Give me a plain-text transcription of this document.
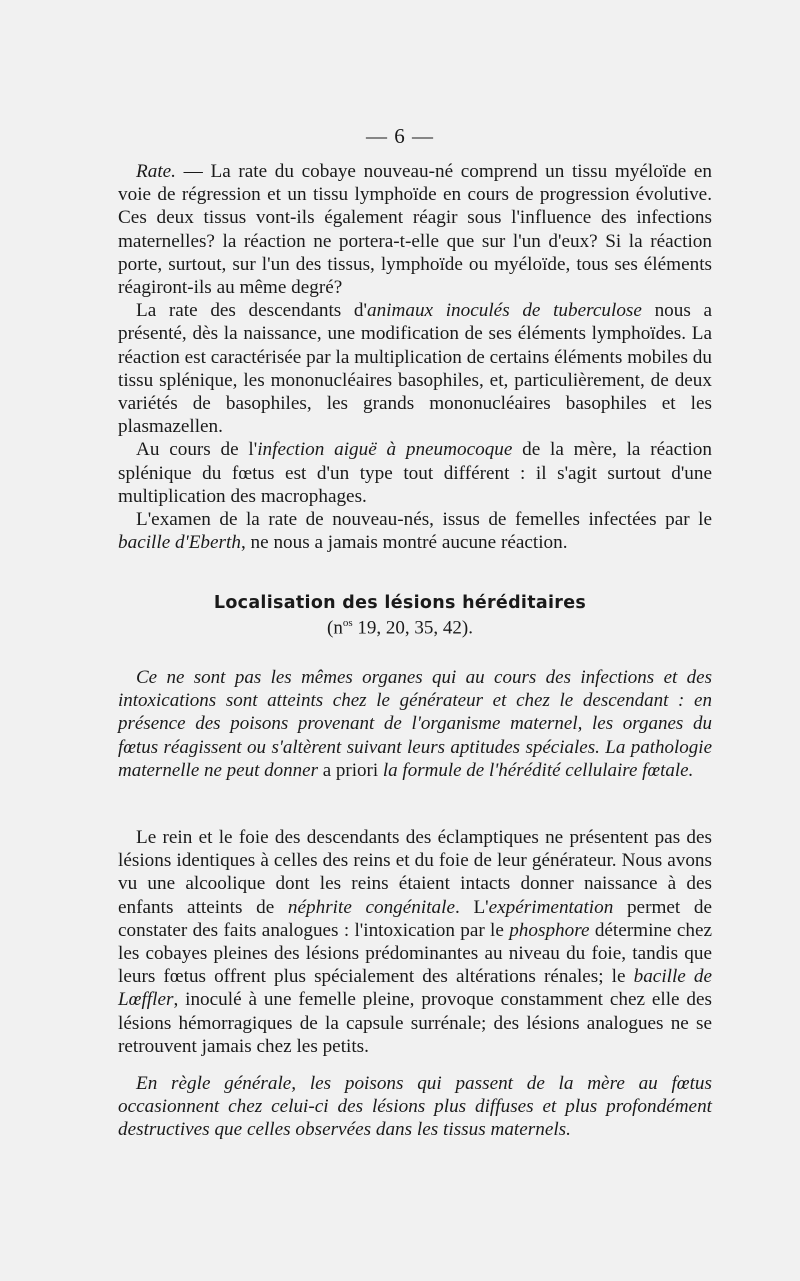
— 6 —

Rate. — La rate du cobaye nouveau-né comprend un tissu myéloïde en voie de régression et un tissu lymphoïde en cours de progression évolutive. Ces deux tissus vont-ils également réagir sous l'influence des infections maternelles? la réaction ne portera-t-elle que sur l'un d'eux? Si la réaction porte, surtout, sur l'un des tissus, lymphoïde ou myéloïde, tous ses éléments réagiront-ils au même degré?

La rate des descendants d'animaux inoculés de tuberculose nous a présenté, dès la naissance, une modification de ses éléments lymphoïdes. La réaction est caractérisée par la multiplication de certains éléments mobiles du tissu splénique, les mononucléaires basophiles, et, particulièrement, de deux variétés de basophiles, les grands mononucléaires basophiles et les plasmazellen.

Au cours de l'infection aiguë à pneumocoque de la mère, la réaction splénique du fœtus est d'un type tout différent : il s'agit surtout d'une multiplication des macrophages.

L'examen de la rate de nouveau-nés, issus de femelles infectées par le bacille d'Eberth, ne nous a jamais montré aucune réaction.

Localisation des lésions héréditaires
($n^{os}$ 19, 20, 35, 42).

Ce ne sont pas les mêmes organes qui au cours des infections et des intoxications sont atteints chez le générateur et chez le descendant : en présence des poisons provenant de l'organisme maternel, les organes du fœtus réagissent ou s'altèrent suivant leurs aptitudes spéciales. La pathologie maternelle ne peut donner a priori la formule de l'hérédité cellulaire fœtale.

Le rein et le foie des descendants des éclamptiques ne présentent pas des lésions identiques à celles des reins et du foie de leur générateur. Nous avons vu une alcoolique dont les reins étaient intacts donner naissance à des enfants atteints de néphrite congénitale. L'expérimentation permet de constater des faits analogues : l'intoxication par le phosphore détermine chez les cobayes pleines des lésions prédominantes au niveau du foie, tandis que leurs fœtus offrent plus spécialement des altérations rénales; le bacille de Lœffler, inoculé à une femelle pleine, provoque constamment chez elle des lésions hémorragiques de la capsule surrénale; des lésions analogues ne se retrouvent jamais chez les petits.

En règle générale, les poisons qui passent de la mère au fœtus occasionnent chez celui-ci des lésions plus diffuses et plus profondément destructives que celles observées dans les tissus maternels.
